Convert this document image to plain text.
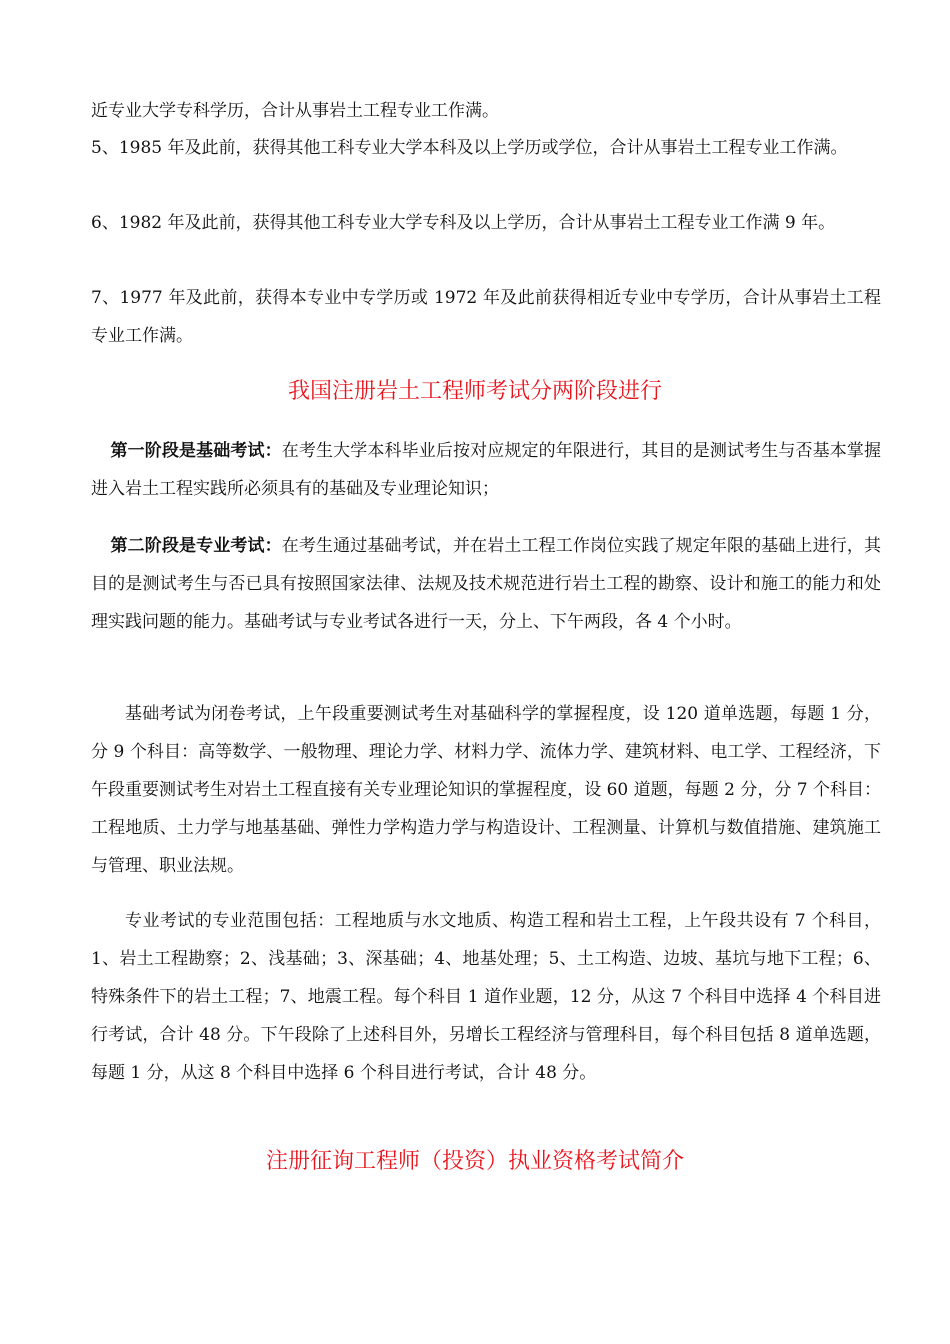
近专业大学专科学历，合计从事岩土工程专业工作满。

5、1985 年及此前，获得其他工科专业大学本科及以上学历或学位，合计从事岩土工程专业工作满。

6、1982 年及此前，获得其他工科专业大学专科及以上学历，合计从事岩土工程专业工作满 9 年。

7、1977 年及此前，获得本专业中专学历或 1972 年及此前获得相近专业中专学历，合计从事岩土工程专业工作满。

我国注册岩土工程师考试分两阶段进行

第一阶段是基础考试：在考生大学本科毕业后按对应规定的年限进行，其目的是测试考生与否基本掌握进入岩土工程实践所必须具有的基础及专业理论知识；

第二阶段是专业考试：在考生通过基础考试，并在岩土工程工作岗位实践了规定年限的基础上进行，其目的是测试考生与否已具有按照国家法律、法规及技术规范进行岩土工程的勘察、设计和施工的能力和处理实践问题的能力。基础考试与专业考试各进行一天，分上、下午两段，各 4 个小时。

基础考试为闭卷考试，上午段重要测试考生对基础科学的掌握程度，设 120 道单选题，每题 1 分，分 9 个科目：高等数学、一般物理、理论力学、材料力学、流体力学、建筑材料、电工学、工程经济，下午段重要测试考生对岩土工程直接有关专业理论知识的掌握程度，设 60 道题，每题 2 分，分 7 个科目：工程地质、土力学与地基基础、弹性力学构造力学与构造设计、工程测量、计算机与数值措施、建筑施工与管理、职业法规。

专业考试的专业范围包括：工程地质与水文地质、构造工程和岩土工程，上午段共设有 7 个科目，1、岩土工程勘察；2、浅基础；3、深基础；4、地基处理；5、土工构造、边坡、基坑与地下工程；6、特殊条件下的岩土工程；7、地震工程。每个科目 1 道作业题，12 分，从这 7 个科目中选择 4 个科目进行考试，合计 48 分。下午段除了上述科目外，另增长工程经济与管理科目，每个科目包括 8 道单选题，每题 1 分，从这 8 个科目中选择 6 个科目进行考试，合计 48 分。

注册征询工程师（投资）执业资格考试简介
